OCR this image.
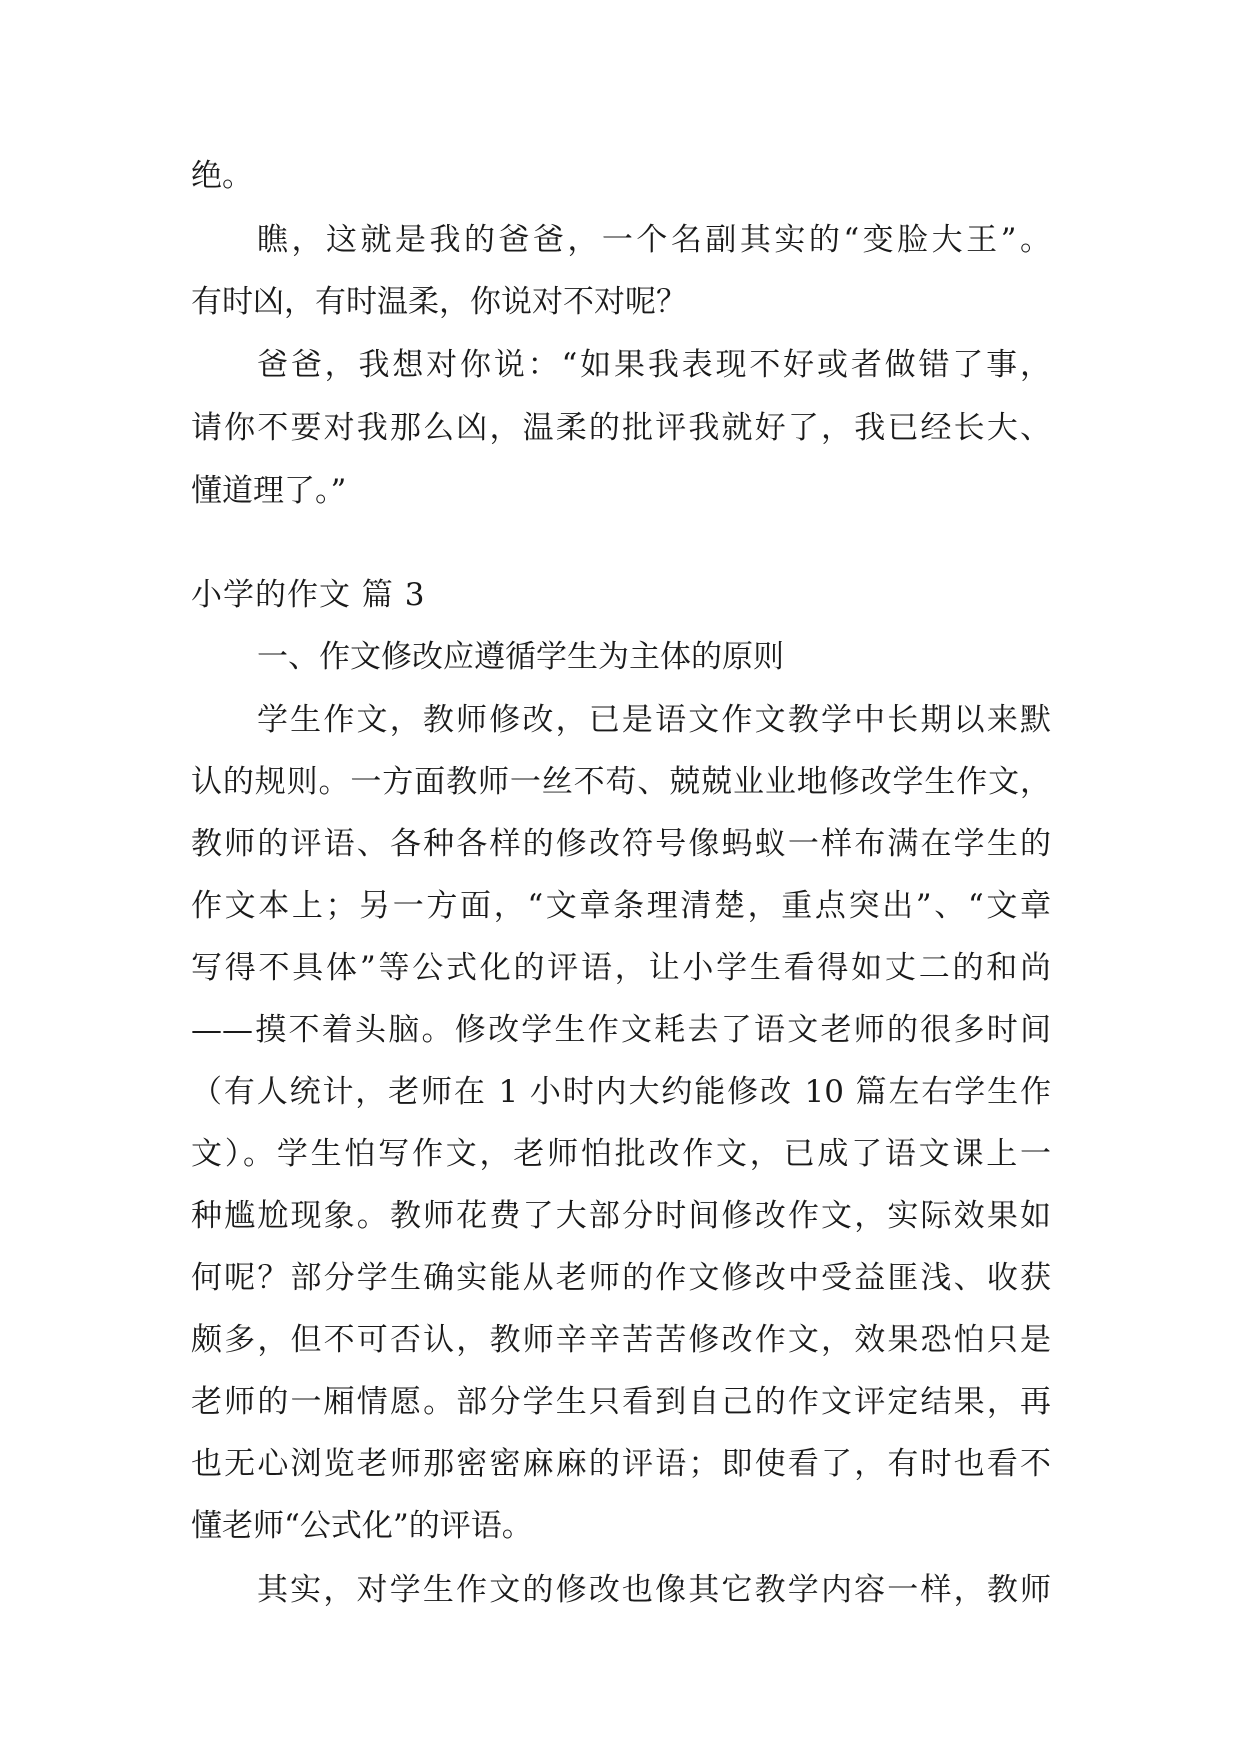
绝。
瞧，这就是我的爸爸，一个名副其实的“变脸大王”。
有时凶，有时温柔，你说对不对呢？
爸爸，我想对你说：“如果我表现不好或者做错了事，
请你不要对我那么凶，温柔的批评我就好了，我已经长大、
懂道理了。”
小学的作文 篇 3
一、作文修改应遵循学生为主体的原则
学生作文，教师修改，已是语文作文教学中长期以来默
认的规则。一方面教师一丝不苟、兢兢业业地修改学生作文，
教师的评语、各种各样的修改符号像蚂蚁一样布满在学生的
作文本上；另一方面，“文章条理清楚，重点突出”、“文章
写得不具体”等公式化的评语，让小学生看得如丈二的和尚
——摸不着头脑。修改学生作文耗去了语文老师的很多时间
（有人统计，老师在 1 小时内大约能修改 10 篇左右学生作
文）。学生怕写作文，老师怕批改作文，已成了语文课上一
种尴尬现象。教师花费了大部分时间修改作文，实际效果如
何呢？部分学生确实能从老师的作文修改中受益匪浅、收获
颇多，但不可否认，教师辛辛苦苦修改作文，效果恐怕只是
老师的一厢情愿。部分学生只看到自己的作文评定结果，再
也无心浏览老师那密密麻麻的评语；即使看了，有时也看不
懂老师“公式化”的评语。
其实，对学生作文的修改也像其它教学内容一样，教师
